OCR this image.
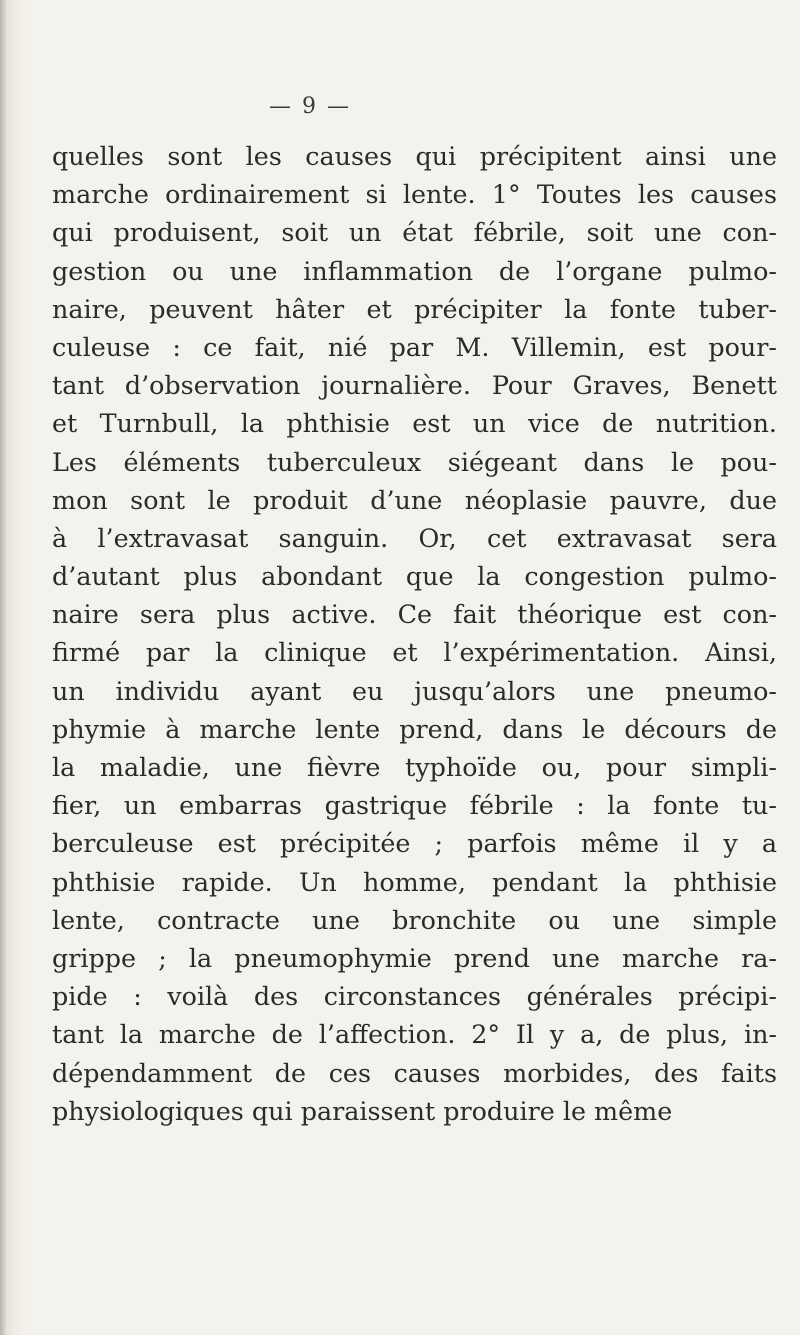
— 9 —
quelles sont les causes qui précipitent ainsi une
marche ordinairement si lente. 1° Toutes les causes
qui produisent, soit un état fébrile, soit une con-
gestion ou une inflammation de l’organe pulmo-
naire, peuvent hâter et précipiter la fonte tuber-
culeuse : ce fait, nié par M. Villemin, est pour-
tant d’observation journalière. Pour Graves, Benett
et Turnbull, la phthisie est un vice de nutrition.
Les éléments tuberculeux siégeant dans le pou-
mon sont le produit d’une néoplasie pauvre, due
à l’extravasat sanguin. Or, cet extravasat sera
d’autant plus abondant que la congestion pulmo-
naire sera plus active. Ce fait théorique est con-
firmé par la clinique et l’expérimentation. Ainsi,
un individu ayant eu jusqu’alors une pneumo-
phymie à marche lente prend, dans le décours de
la maladie, une fièvre typhoïde ou, pour simpli-
fier, un embarras gastrique fébrile : la fonte tu-
berculeuse est précipitée ; parfois même il y a
phthisie rapide. Un homme, pendant la phthisie
lente, contracte une bronchite ou une simple
grippe ; la pneumophymie prend une marche ra-
pide : voilà des circonstances générales précipi-
tant la marche de l’affection. 2° Il y a, de plus, in-
dépendamment de ces causes morbides, des faits
physiologiques qui paraissent produire le même
